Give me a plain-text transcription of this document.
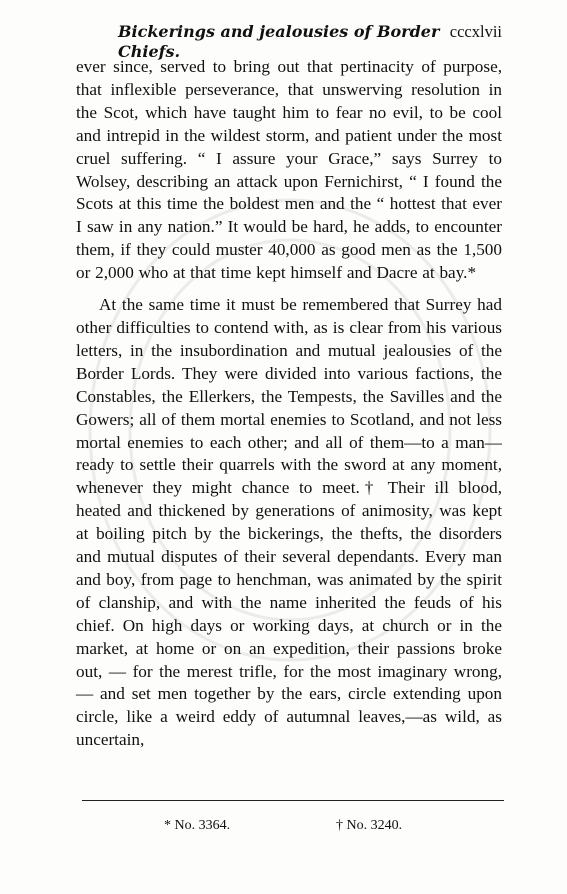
Bickerings and jealousies of Border Chiefs.
cccxlvii

ever since, served to bring out that pertinacity of purpose, that inflexible perseverance, that unswerving resolution in the Scot, which have taught him to fear no evil, to be cool and intrepid in the wildest storm, and patient under the most cruel suffering. “ I assure your Grace,” says Surrey to Wolsey, describing an attack upon Fernichirst, “ I found the Scots at this time the boldest men and the “ hottest that ever I saw in any nation.” It would be hard, he adds, to encounter them, if they could muster 40,000 as good men as the 1,500 or 2,000 who at that time kept himself and Dacre at bay.*

At the same time it must be remembered that Surrey had other difficulties to contend with, as is clear from his various letters, in the insubordination and mutual jealousies of the Border Lords. They were divided into various factions, the Constables, the Ellerkers, the Tempests, the Savilles and the Gowers; all of them mortal enemies to Scotland, and not less mortal enemies to each other; and all of them—to a man—ready to settle their quarrels with the sword at any moment, whenever they might chance to meet.† Their ill blood, heated and thickened by generations of animosity, was kept at boiling pitch by the bickerings, the thefts, the disorders and mutual disputes of their several dependants. Every man and boy, from page to henchman, was animated by the spirit of clanship, and with the name inherited the feuds of his chief. On high days or working days, at church or in the market, at home or on an expedition, their passions broke out, — for the merest trifle, for the most imaginary wrong, — and set men together by the ears, circle extending upon circle, like a weird eddy of autumnal leaves,—as wild, as uncertain,

* No. 3364.	† No. 3240.
